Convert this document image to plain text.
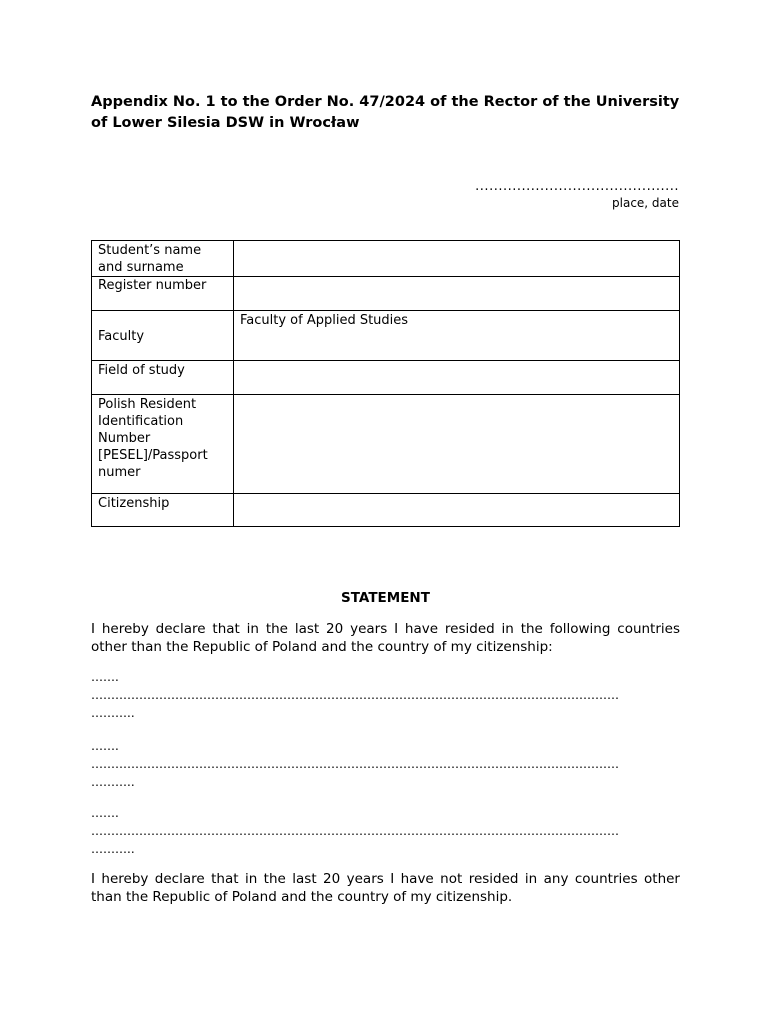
Appendix No. 1 to the Order No. 47/2024 of the Rector of the University of Lower Silesia DSW in Wrocław
............................................
place, date
Student’s name and surname	
Register number	
Faculty	Faculty of Applied Studies
Field of study	
Polish Resident Identification Number [PESEL]/Passport numer	
Citizenship	
STATEMENT

I hereby declare that in the last 20 years I have resided in the following countries other than the Republic of Poland and the country of my citizenship:

…….
……………………………………………………………………………………………………………………
………..
…….
……………………………………………………………………………………………………………………
………..
…….
……………………………………………………………………………………………………………………
………..

I hereby declare that in the last 20 years I have not resided in any countries other than the Republic of Poland and the country of my citizenship.
